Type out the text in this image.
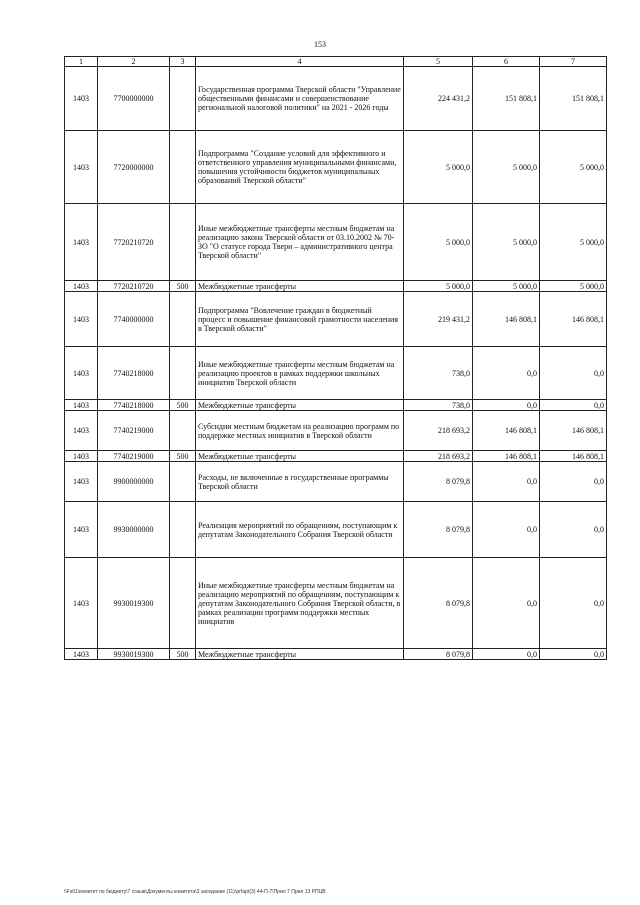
153
1	2	3	4	5	6	7
1403	7700000000		Государственная программа Тверской области "Управление общественными финансами и совершенствование региональной налоговой политики" на 2021 - 2026 годы	224 431,2	151 808,1	151 808,1
1403	7720000000		Подпрограмма "Создание условий для эффективного и ответственного управления муниципальными финансами, повышения устойчивости бюджетов муниципальных образований Тверской области"	5 000,0	5 000,0	5 000,0
1403	7720210720		Иные межбюджетные трансферты местным бюджетам на реализацию закона Тверской области от 03.10.2002 № 70-ЗО "О статусе города Твери – административного центра Тверской области"	5 000,0	5 000,0	5 000,0
1403	7720210720	500	Межбюджетные трансферты	5 000,0	5 000,0	5 000,0
1403	7740000000		Подпрограмма "Вовлечение граждан в бюджетный процесс и повышение финансовой грамотности населения в Тверской области"	219 431,2	146 808,1	146 808,1
1403	7740218000		Иные межбюджетные трансферты местным бюджетам на реализацию проектов в рамках поддержки школьных инициатив Тверской области	738,0	0,0	0,0
1403	7740218000	500	Межбюджетные трансферты	738,0	0,0	0,0
1403	7740219000		Субсидии местным бюджетам на реализацию программ по поддержке местных инициатив в Тверской области	218 693,2	146 808,1	146 808,1
1403	7740219000	500	Межбюджетные трансферты	218 693,2	146 808,1	146 808,1
1403	9900000000		Расходы, не включенные в государственные программы Тверской области	8 079,8	0,0	0,0
1403	9930000000		Реализация мероприятий по обращениям, поступающим к депутатам Законодательного Собрания Тверской области	8 079,8	0,0	0,0
1403	9930019300		Иные межбюджетные трансферты местным бюджетам на реализацию мероприятий по обращениям, поступающим к депутатам Законодательного Собрания Тверской области, в рамках реализации программ поддержки местных инициатив	8 079,8	0,0	0,0
1403	9930019300	500	Межбюджетные трансферты	8 079,8	0,0	0,0
\\Fs01\комитет по бюджету\7 созыв\Документы комитета\3 заседание (11)\prfapr(3) 44-П-7\Прил 7 Прил 13 РПЦВ
